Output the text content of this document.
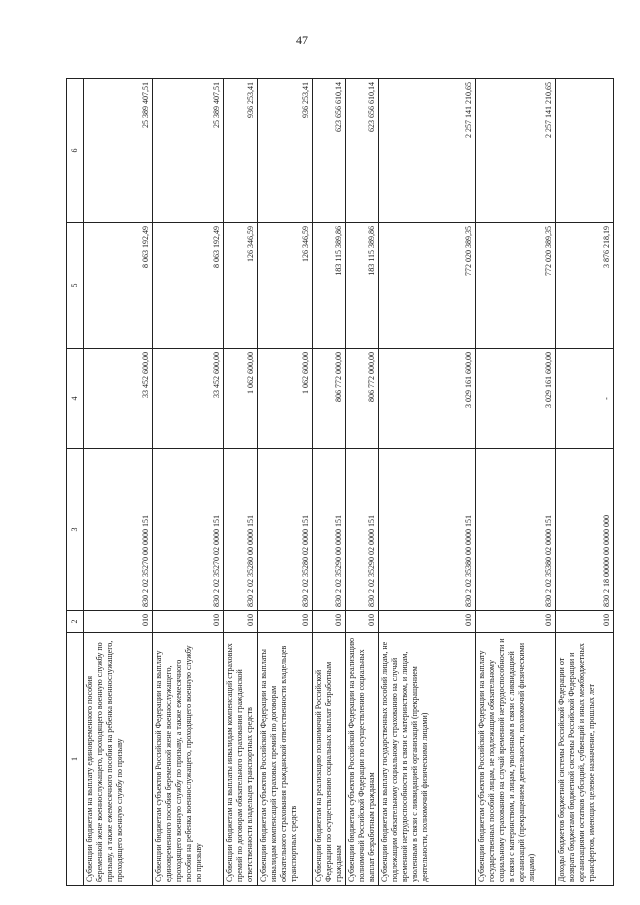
47
1	2	3	4	5	6
Субвенции бюджетам на выплату единовременного пособия беременной жене военнослужащего, проходящего военную службу по призыву, а также ежемесячного пособия на ребенка военнослужащего, проходящего военную службу по призыву	010	830 2 02 35270 00 0000 151	33 452 600,00	8 063 192,49	25 389 407,51
Субвенции бюджетам субъектов Российской Федерации на выплату единовременного пособия беременной жене военнослужащего, проходящего военную службу по призыву, а также ежемесячного пособия на ребенка военнослужащего, проходящего военную службу по призыву	010	830 2 02 35270 02 0000 151	33 452 600,00	8 063 192,49	25 389 407,51
Субвенции бюджетам на выплаты инвалидам компенсаций страховых премий по договорам обязательного страхования гражданской ответственности владельцев транспортных средств	010	830 2 02 35280 00 0000 151	1 062 600,00	126 346,59	936 253,41
Субвенции бюджетам субъектов Российской Федерации на выплаты инвалидам компенсаций страховых премий по договорам обязательного страхования гражданской ответственности владельцев транспортных средств	010	830 2 02 35280 02 0000 151	1 062 600,00	126 346,59	936 253,41
Субвенции бюджетам на реализацию полномочий Российской Федерации по осуществлению социальных выплат безработным гражданам	010	830 2 02 35290 00 0000 151	806 772 000,00	183 115 389,86	623 656 610,14
Субвенции бюджетам субъектов Российской Федерации на реализацию полномочий Российской Федерации по осуществлению социальных выплат безработным гражданам	010	830 2 02 35290 02 0000 151	806 772 000,00	183 115 389,86	623 656 610,14
Субвенции бюджетам на выплату государственных пособий лицам, не подлежащим обязательному социальному страхованию на случай временной нетрудоспособности и в связи с материнством, и лицам, уволенным в связи с ликвидацией организаций (прекращением деятельности, полномочий физическими лицами)	010	830 2 02 35380 00 0000 151	3 029 161 600,00	772 020 389,35	2 257 141 210,65
Субвенции бюджетам субъектов Российской Федерации на выплату государственных пособий лицам, не подлежащим обязательному социальному страхованию на случай временной нетрудоспособности и в связи с материнством, и лицам, уволенным в связи с ликвидацией организаций (прекращением деятельности, полномочий физическими лицами)	010	830 2 02 35380 02 0000 151	3 029 161 600,00	772 020 389,35	2 257 141 210,65
Доходы бюджетов бюджетной системы Российской Федерации от возврата бюджетами бюджетной системы Российской Федерации и организациями остатков субсидий, субвенций и иных межбюджетных трансфертов, имеющих целевое назначение, прошлых лет	010	830 2 18 00000 00 0000 000	-	3 876 218,19	
